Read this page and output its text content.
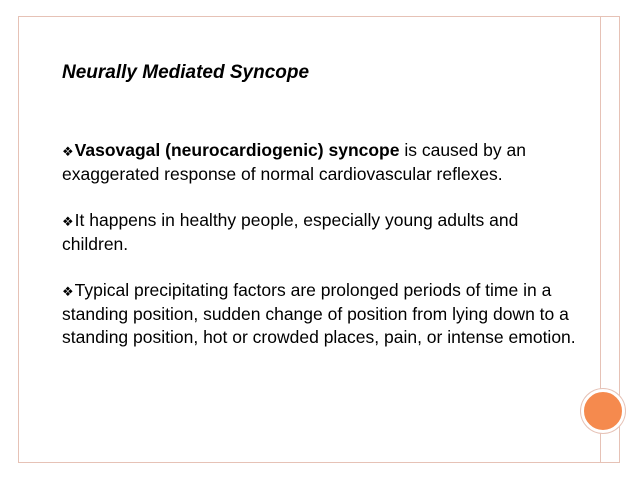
Neurally Mediated Syncope

❖Vasovagal (neurocardiogenic) syncope is caused by an exaggerated response of normal cardiovascular reflexes.

❖It happens in healthy people, especially young adults and children.

❖Typical precipitating factors are prolonged periods of time in a standing position, sudden change of position from lying down to a standing position, hot or crowded places, pain, or intense emotion.
